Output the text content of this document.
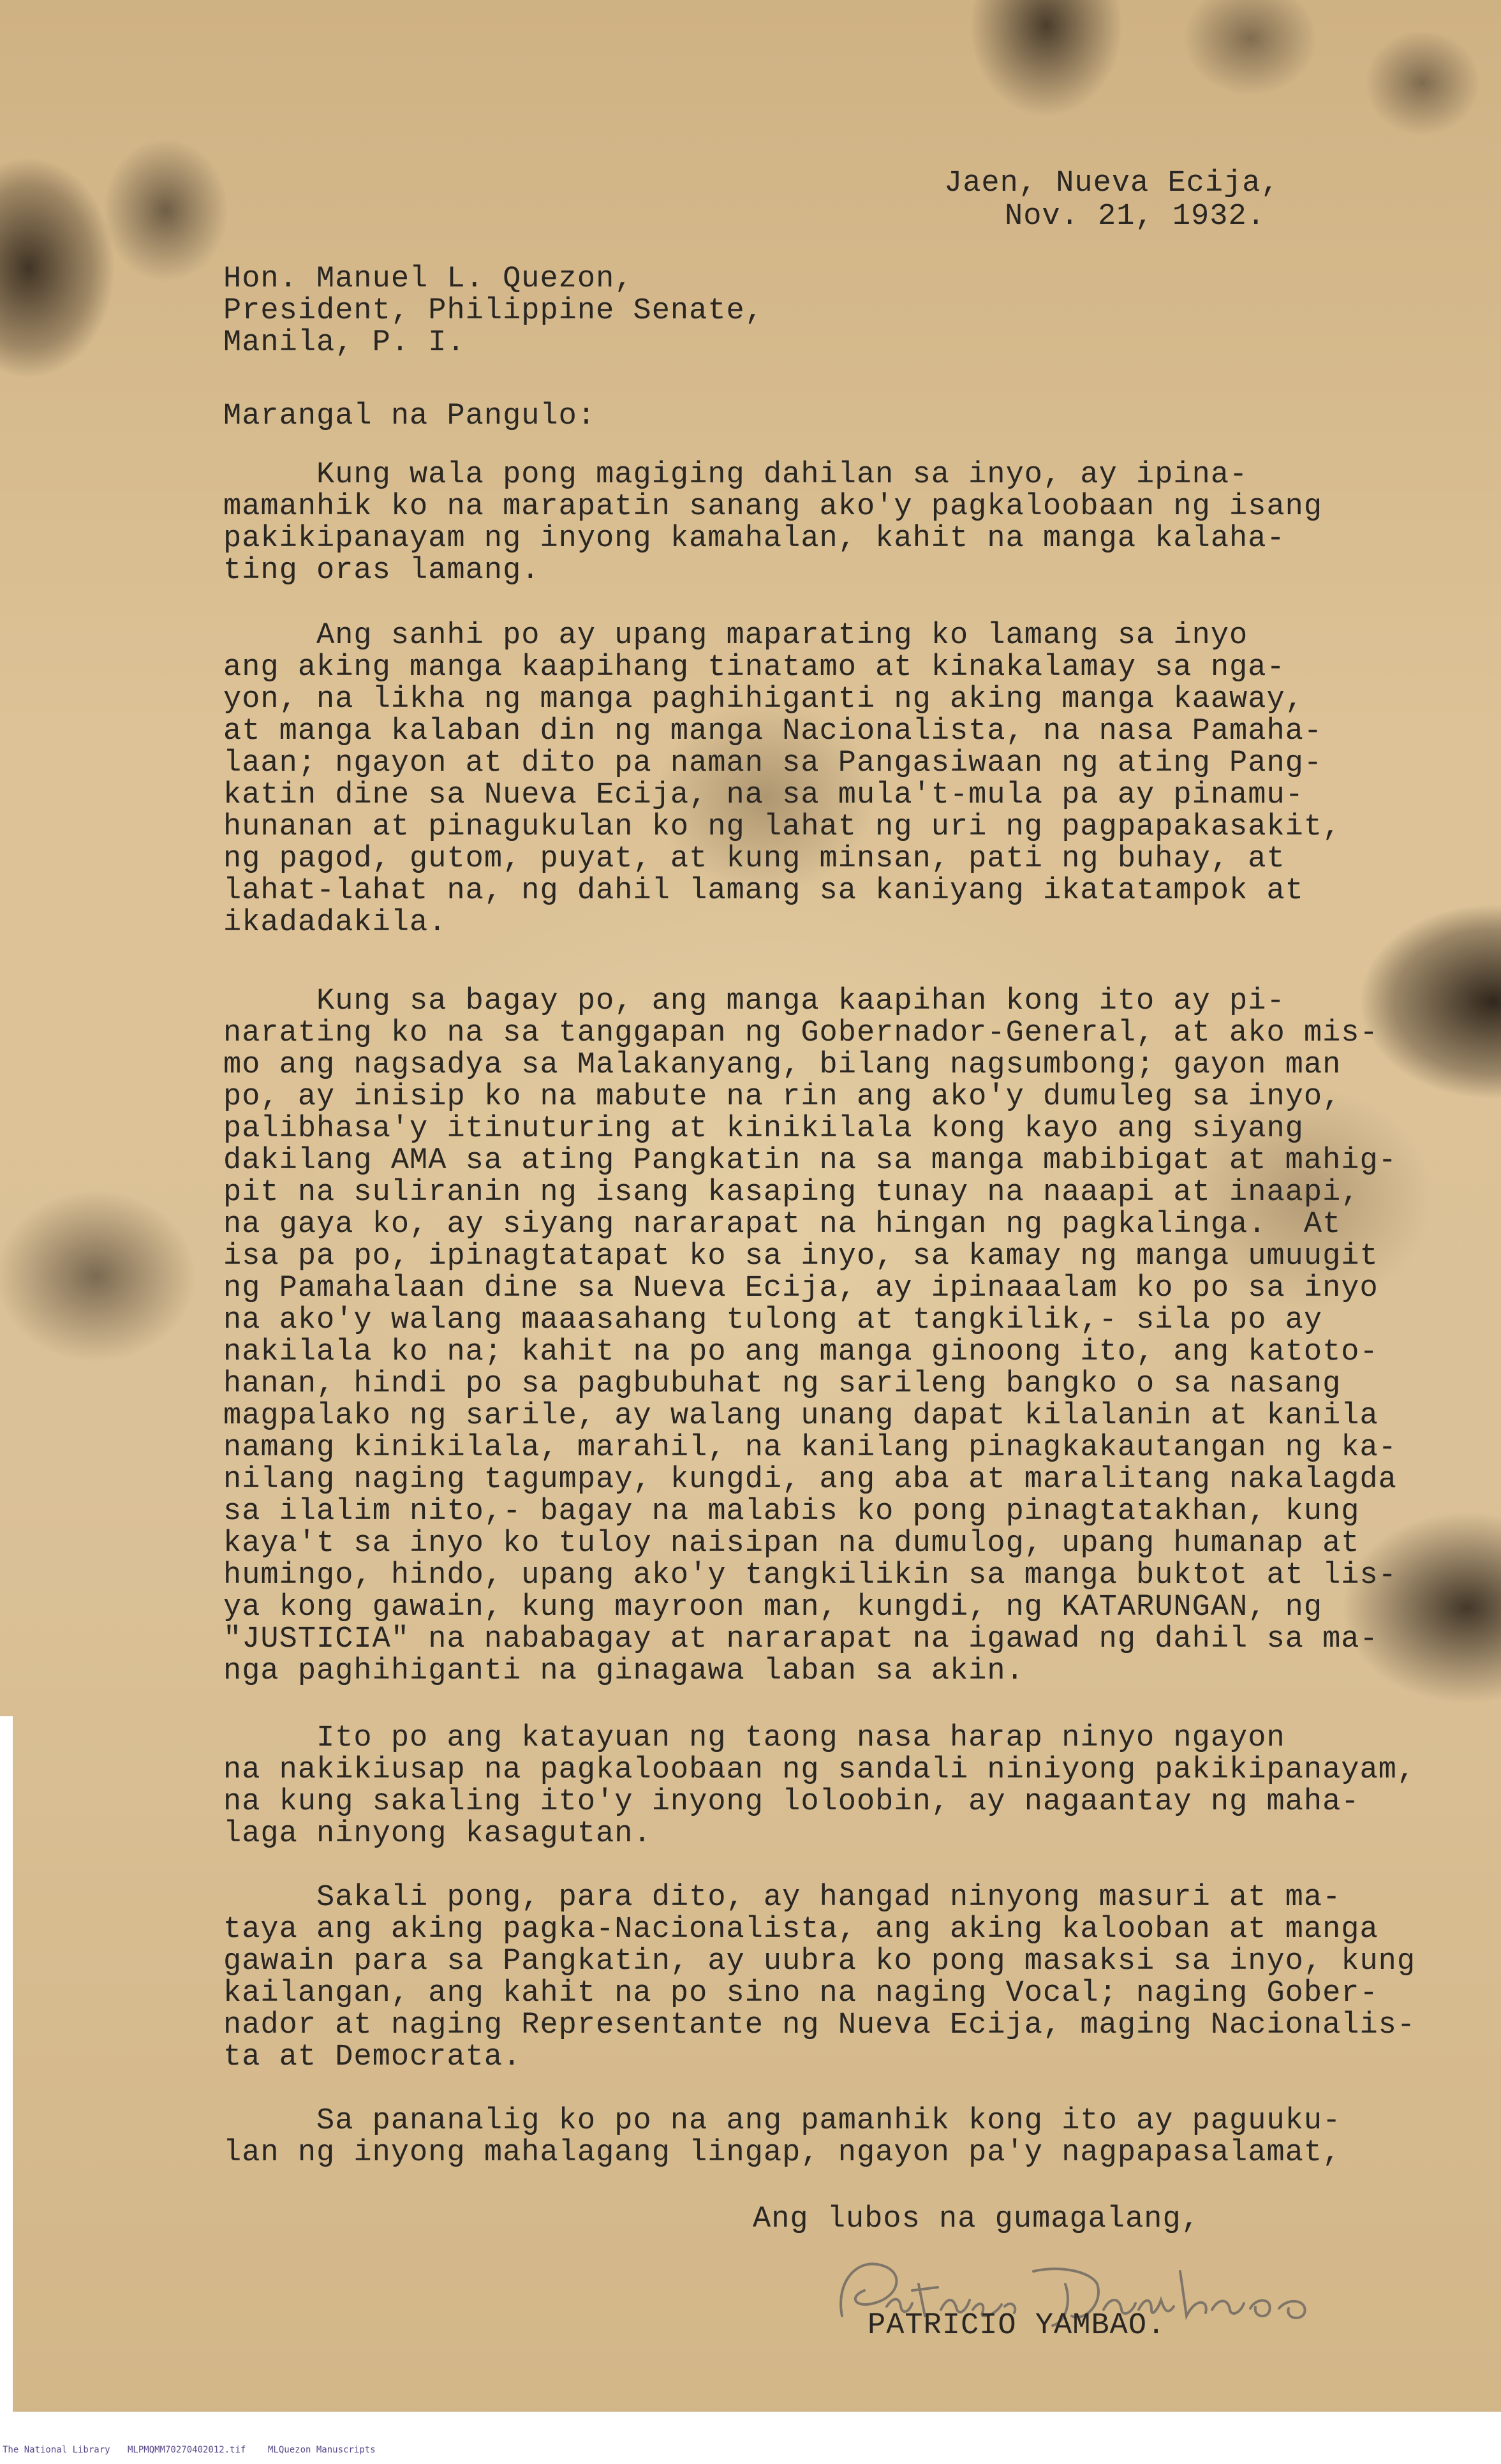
Jaen, Nueva Ecija,
Nov. 21, 1932.
Hon. Manuel L. Quezon,
President, Philippine Senate,
Manila, P. I.
Marangal na Pangulo:
Kung wala pong magiging dahilan sa inyo, ay ipina-
mamanhik ko na marapatin sanang ako'y pagkaloobaan ng isang
pakikipanayam ng inyong kamahalan, kahit na manga kalaha-
ting oras lamang.
Ang sanhi po ay upang maparating ko lamang sa inyo
ang aking manga kaapihang tinatamo at kinakalamay sa nga-
yon, na likha ng manga paghihiganti ng aking manga kaaway,
at manga kalaban din ng manga Nacionalista, na nasa Pamaha-
laan; ngayon at dito pa naman sa Pangasiwaan ng ating Pang-
katin dine sa Nueva Ecija, na sa mula't-mula pa ay pinamu-
hunanan at pinagukulan ko ng lahat ng uri ng pagpapakasakit,
ng pagod, gutom, puyat, at kung minsan, pati ng buhay, at
lahat-lahat na, ng dahil lamang sa kaniyang ikatatampok at
ikadadakila.
Kung sa bagay po, ang manga kaapihan kong ito ay pi-
narating ko na sa tanggapan ng Gobernador-General, at ako mis-
mo ang nagsadya sa Malakanyang, bilang nagsumbong; gayon man
po, ay inisip ko na mabute na rin ang ako'y dumuleg sa inyo,
palibhasa'y itinuturing at kinikilala kong kayo ang siyang
dakilang AMA sa ating Pangkatin na sa manga mabibigat at mahig-
pit na suliranin ng isang kasaping tunay na naaapi at inaapi,
na gaya ko, ay siyang nararapat na hingan ng pagkalinga.  At
isa pa po, ipinagtatapat ko sa inyo, sa kamay ng manga umuugit
ng Pamahalaan dine sa Nueva Ecija, ay ipinaaalam ko po sa inyo
na ako'y walang maaasahang tulong at tangkilik,- sila po ay
nakilala ko na; kahit na po ang manga ginoong ito, ang katoto-
hanan, hindi po sa pagbubuhat ng sarileng bangko o sa nasang
magpalako ng sarile, ay walang unang dapat kilalanin at kanila
namang kinikilala, marahil, na kanilang pinagkakautangan ng ka-
nilang naging tagumpay, kungdi, ang aba at maralitang nakalagda
sa ilalim nito,- bagay na malabis ko pong pinagtatakhan, kung
kaya't sa inyo ko tuloy naisipan na dumulog, upang humanap at
humingo, hindo, upang ako'y tangkilikin sa manga buktot at lis-
ya kong gawain, kung mayroon man, kungdi, ng KATARUNGAN, ng
"JUSTICIA" na nababagay at nararapat na igawad ng dahil sa ma-
nga paghihiganti na ginagawa laban sa akin.
Ito po ang katayuan ng taong nasa harap ninyo ngayon
na nakikiusap na pagkaloobaan ng sandali niniyong pakikipanayam,
na kung sakaling ito'y inyong loloobin, ay nagaantay ng maha-
laga ninyong kasagutan.
Sakali pong, para dito, ay hangad ninyong masuri at ma-
taya ang aking pagka-Nacionalista, ang aking kalooban at manga
gawain para sa Pangkatin, ay uubra ko pong masaksi sa inyo, kung
kailangan, ang kahit na po sino na naging Vocal; naging Gober-
nador at naging Representante ng Nueva Ecija, maging Nacionalis-
ta at Democrata.
Sa pananalig ko po na ang pamanhik kong ito ay paguuku-
lan ng inyong mahalagang lingap, ngayon pa'y nagpapasalamat,
Ang lubos na gumagalang,
PATRICIO YAMBAO.
The National Library MLPMQMM70270402012.tif MLQuezon Manuscripts
